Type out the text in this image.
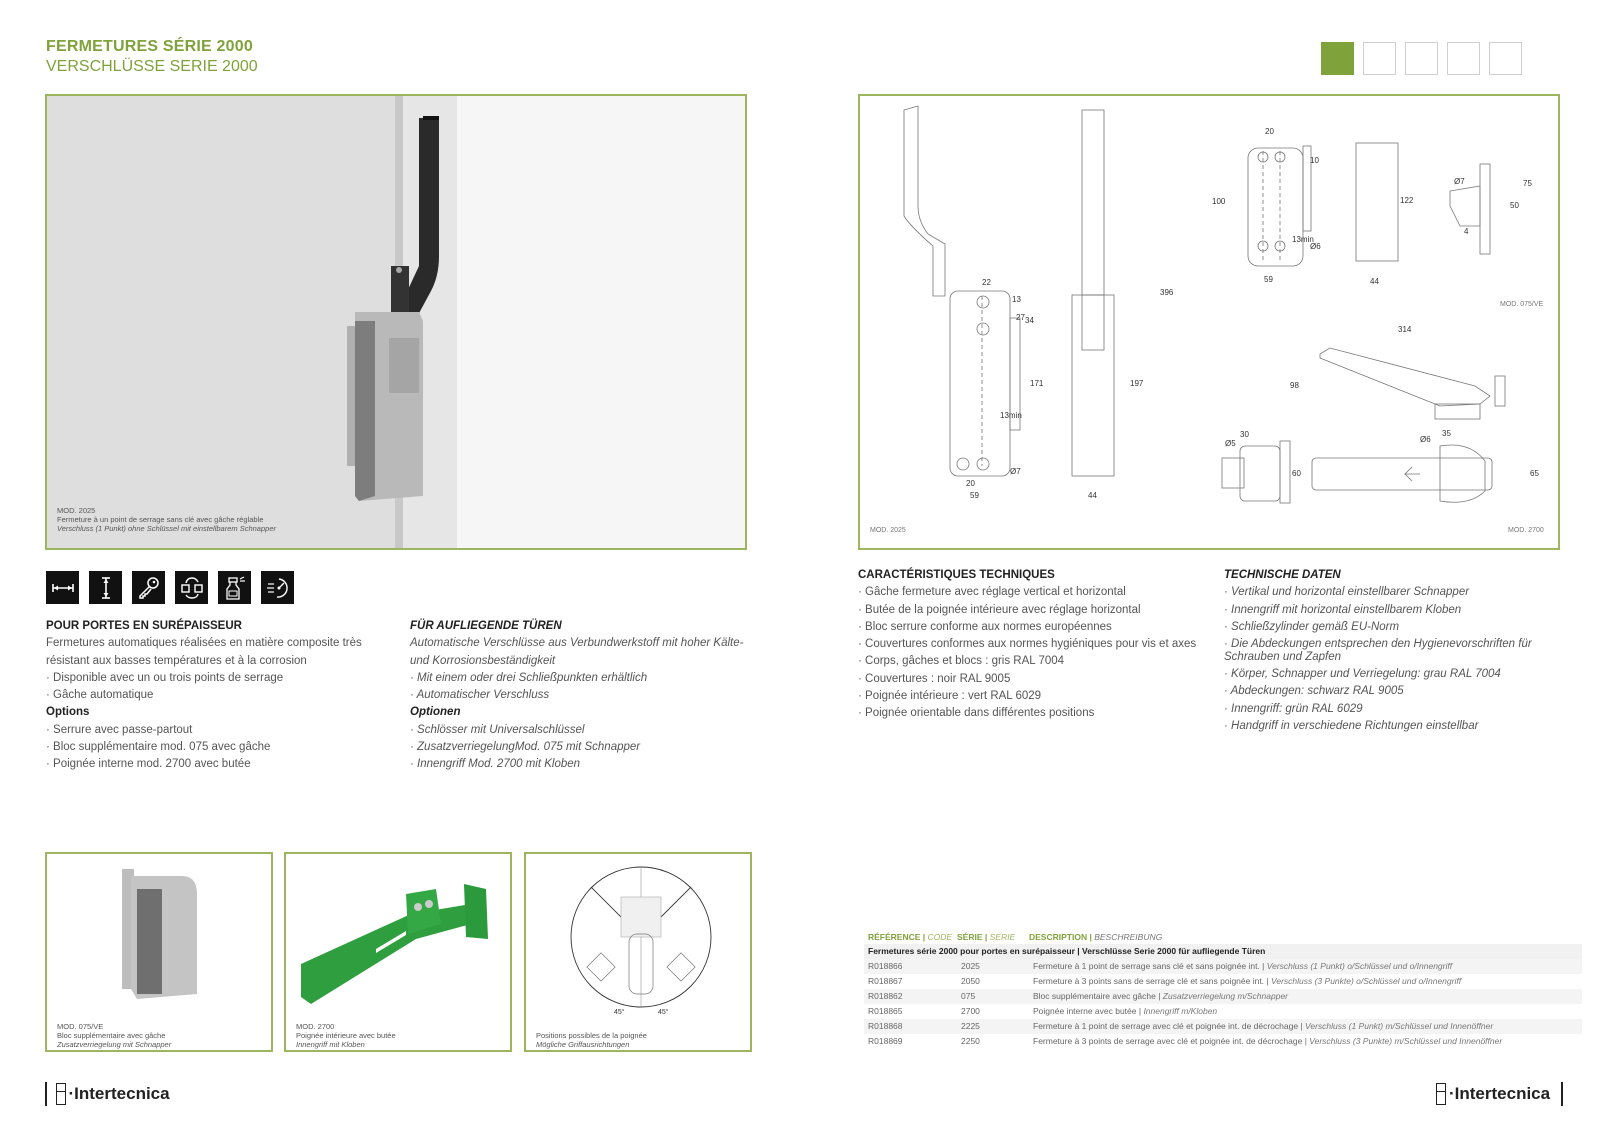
FERMETURES SÉRIE 2000
VERSCHLÜSSE SERIE 2000
MOD. 2025
Fermeture à un point de serrage sans clé avec gâche réglable
Verschluss (1 Punkt) ohne Schlüssel mit einstellbarem Schnapper
POUR PORTES EN SURÉPAISSEUR

Fermetures automatiques réalisées en matière composite très résistant aux basses températures et à la corrosion

· Disponible avec un ou trois points de serrage

· Gâche automatique

Options

· Serrure avec passe-partout

· Bloc supplémentaire mod. 075 avec gâche

· Poignée interne mod. 2700 avec butée

FÜR AUFLIEGENDE TÜREN

Automatische Verschlüsse aus Verbundwerkstoff mit hoher Kälte- und Korrosionsbeständigkeit

· Mit einem oder drei Schließpunkten erhältlich

· Automatischer Verschluss

Optionen

· Schlösser mit Universalschlüssel

· ZusatzverriegelungMod. 075 mit Schnapper

· Innengriff Mod. 2700 mit Kloben

22
13
27 34
171
13min
Ø7
20
59
396
197
44
20
10
100
13min
Ø6
59
122
44
Ø7	75
50
4
314
98
30
Ø5
60
Ø6
35
65
MOD. 2025
MOD. 075/VE
MOD. 2700
CARACTÉRISTIQUES TECHNIQUES

· Gâche fermeture avec réglage vertical et horizontal

· Butée de la poignée intérieure avec réglage horizontal

· Bloc serrure conforme aux normes européennes

· Couvertures conformes aux normes hygiéniques pour vis et axes

· Corps, gâches et blocs : gris RAL 7004

· Couvertures : noir RAL 9005

· Poignée intérieure : vert RAL 6029

· Poignée orientable dans différentes positions

TECHNISCHE DATEN

· Vertikal und horizontal einstellbarer Schnapper

· Innengriff mit horizontal einstellbarem Kloben

· Schließzylinder gemäß EU-Norm

· Die Abdeckungen entsprechen den Hygienevorschriften für Schrauben und Zapfen

· Körper, Schnapper und Verriegelung: grau RAL 7004

· Abdeckungen: schwarz RAL 9005

· Innengriff: grün RAL 6029

· Handgriff in verschiedene Richtungen einstellbar

MOD. 075/VE
Bloc supplémentaire avec gâche
Zusatzverriegelung mit Schnapper
MOD. 2700
Poignée intérieure avec butée
Innengriff mit Kloben
45°	45°
Positions possibles de la poignée
Mögliche Griffausrichtungen
RÉFÉRENCE | CODE SÉRIE | SERIE	DESCRIPTION | BESCHREIBUNG
Fermetures série 2000 pour portes en surépaisseur | Verschlüsse Serie 2000 für aufliegende Türen
R018866	2025	Fermeture à 1 point de serrage sans clé et sans poignée int. | Verschluss (1 Punkt) o/Schlüssel und o/Innengriff
R018867	2050	Fermeture à 3 points sans de serrage clé et sans poignée int. | Verschluss (3 Punkte) o/Schlüssel und o/Innengriff
R018862	075	Bloc supplémentaire avec gâche | Zusatzverriegelung m/Schnapper
R018865	2700	Poignée interne avec butée | Innengriff m/Kloben
R018868	2225	Fermeture à 1 point de serrage avec clé et poignée int. de décrochage | Verschluss (1 Punkt) m/Schlüssel und Innenöffner
R018869	2250	Fermeture à 3 points de serrage avec clé et poignée int. de décrochage | Verschluss (3 Punkte) m/Schlüssel und Innenöffner
·Intertecnica	·Intertecnica
